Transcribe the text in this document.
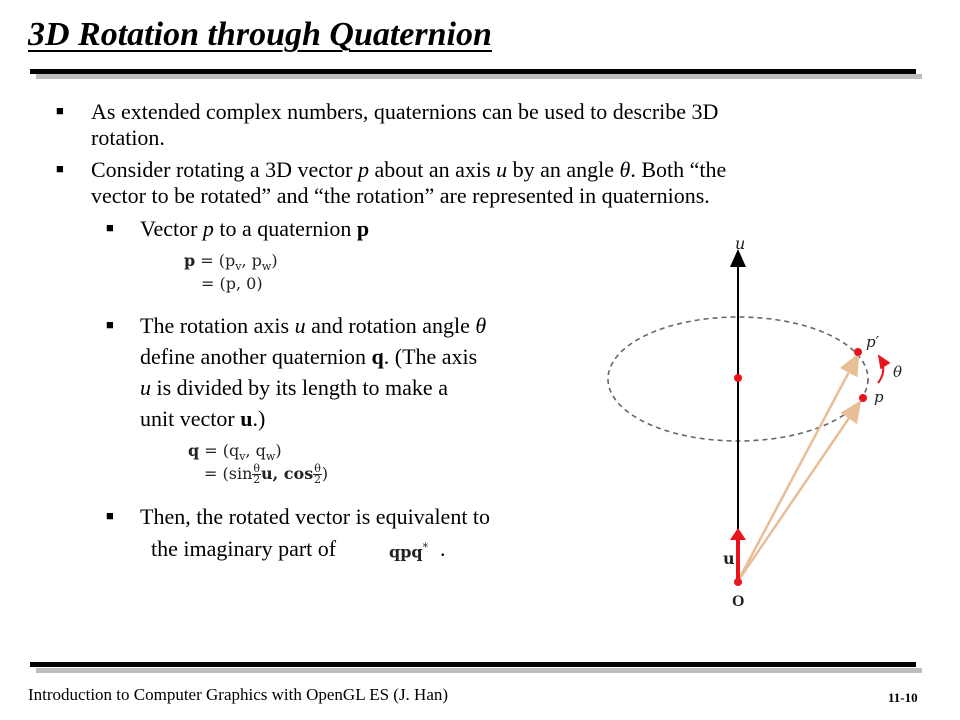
3D Rotation through Quaternion
■ As extended complex numbers, quaternions can be used to describe 3D
rotation.
■ Consider rotating a 3D vector p about an axis u by an angle θ. Both “the
vector to be rotated” and “the rotation” are represented in quaternions.
■ Vector p to a quaternion p
$p = (p_v$, $p_w$)
= (p, 0)
■ The rotation axis u and rotation angle θ
define another quaternion q. (The axis
u is divided by its length to make a
unit vector u.)
$q = (q_v$, $q_w$)
= ($\sin \frac{\theta}{2} u$, $\cos \frac{\theta}{2}$ )
■ Then, the rotated vector is equivalent to
the imaginary part of	qpq* .
u
p′
θ
p
u
O
Introduction to Computer Graphics with OpenGL ES (J. Han)	11-10
